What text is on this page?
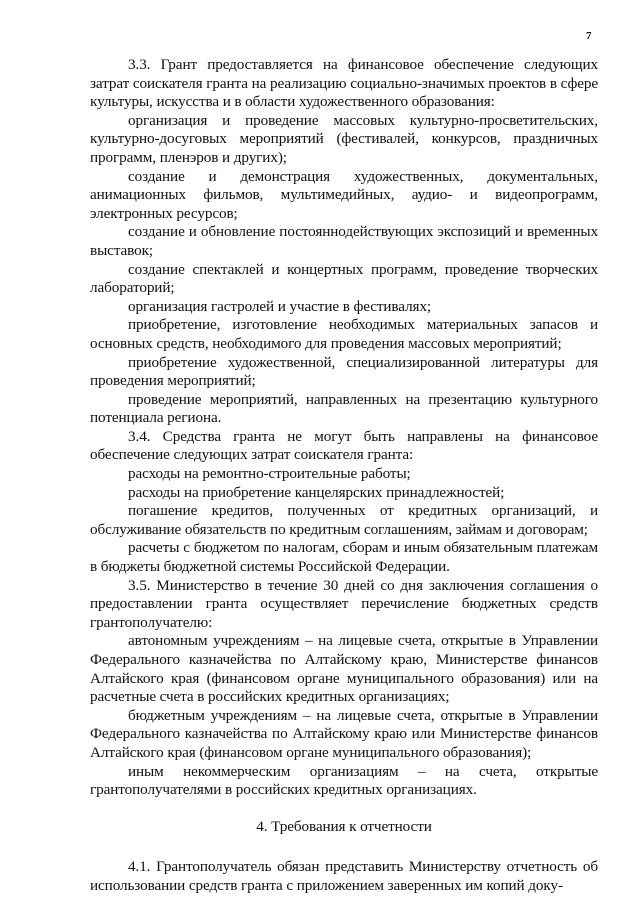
7

3.3. Грант предоставляется на финансовое обеспечение следующих затрат соискателя гранта на реализацию социально-значимых проектов в сфере культуры, искусства и в области художественного образования:

организация и проведение массовых культурно-просветительских, культурно-досуговых мероприятий (фестивалей, конкурсов, праздничных программ, пленэров и других);

создание и демонстрация художественных, документальных, анимационных фильмов, мультимедийных, аудио- и видеопрограмм, электронных ресурсов;

создание и обновление постояннодействующих экспозиций и временных выставок;

создание спектаклей и концертных программ, проведение творческих лабораторий;

организация гастролей и участие в фестивалях;

приобретение, изготовление необходимых материальных запасов и основных средств, необходимого для проведения массовых мероприятий;

приобретение художественной, специализированной литературы для проведения мероприятий;

проведение мероприятий, направленных на презентацию культурного потенциала региона.

3.4. Средства гранта не могут быть направлены на финансовое обеспечение следующих затрат соискателя гранта:

расходы на ремонтно-строительные работы;

расходы на приобретение канцелярских принадлежностей;

погашение кредитов, полученных от кредитных организаций, и обслуживание обязательств по кредитным соглашениям, займам и договорам;

расчеты с бюджетом по налогам, сборам и иным обязательным платежам в бюджеты бюджетной системы Российской Федерации.

3.5. Министерство в течение 30 дней со дня заключения соглашения о предоставлении гранта осуществляет перечисление бюджетных средств грантополучателю:

автономным учреждениям – на лицевые счета, открытые в Управлении Федерального казначейства по Алтайскому краю, Министерстве финансов Алтайского края (финансовом органе муниципального образования) или на расчетные счета в российских кредитных организациях;

бюджетным учреждениям – на лицевые счета, открытые в Управлении Федерального казначейства по Алтайскому краю или Министерстве финансов Алтайского края (финансовом органе муниципального образования);

иным некоммерческим организациям – на счета, открытые грантополучателями в российских кредитных организациях.

4. Требования к отчетности

4.1. Грантополучатель обязан представить Министерству отчетность об использовании средств гранта с приложением заверенных им копий доку-
